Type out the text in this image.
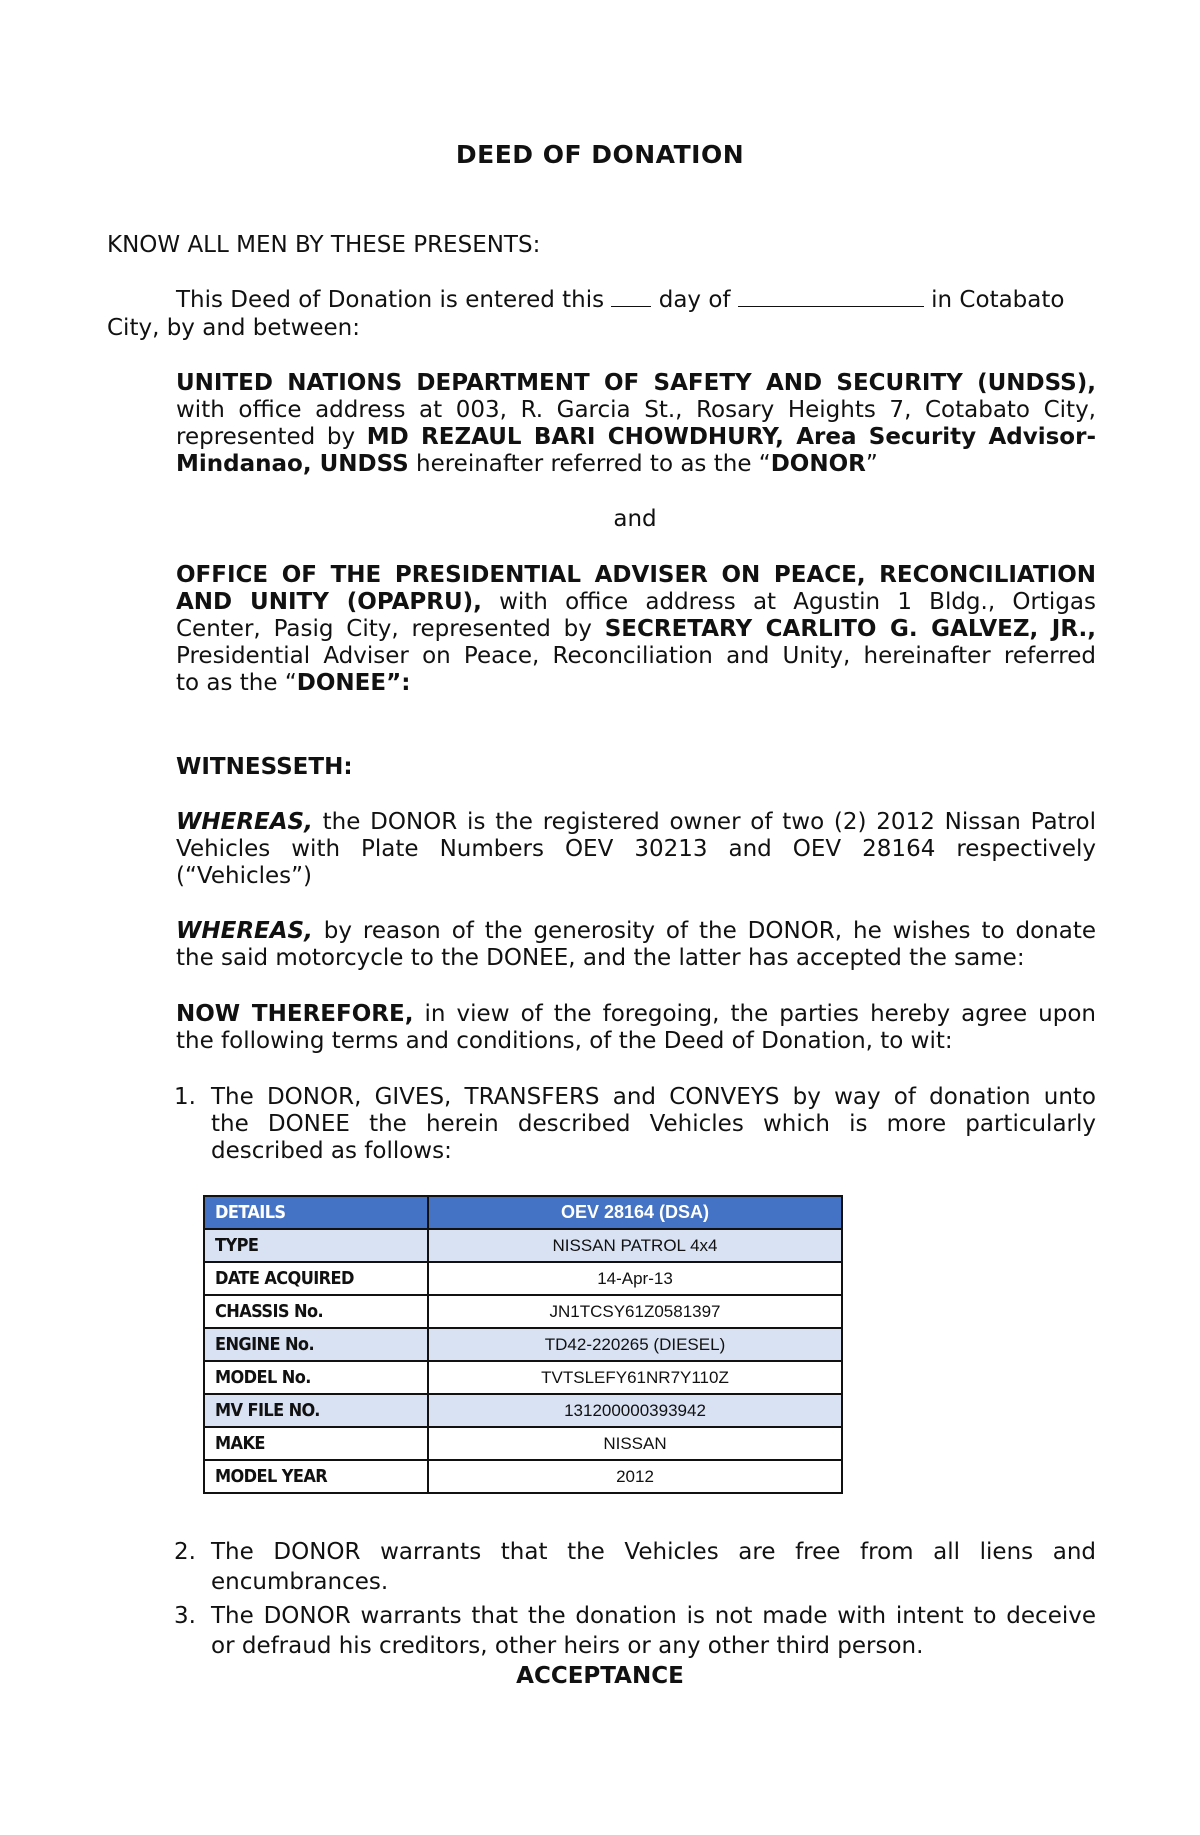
DEED OF DONATION
KNOW ALL MEN BY THESE PRESENTS:
This Deed of Donation is entered this day of	in Cotabato
City, by and between:
UNITED NATIONS DEPARTMENT OF SAFETY AND SECURITY (UNDSS),
with office address at 003, R. Garcia St., Rosary Heights 7, Cotabato City,
represented by MD REZAUL BARI CHOWDHURY, Area Security Advisor-
Mindanao, UNDSS hereinafter referred to as the “DONOR”
and
OFFICE OF THE PRESIDENTIAL ADVISER ON PEACE, RECONCILIATION
AND UNITY (OPAPRU), with office address at Agustin 1 Bldg., Ortigas
Center, Pasig City, represented by SECRETARY CARLITO G. GALVEZ, JR.,
Presidential Adviser on Peace, Reconciliation and Unity, hereinafter referred
to as the “DONEE”:
WITNESSETH:
WHEREAS, the DONOR is the registered owner of two (2) 2012 Nissan Patrol
Vehicles with Plate Numbers OEV 30213 and OEV 28164 respectively
(“Vehicles”)
WHEREAS, by reason of the generosity of the DONOR, he wishes to donate
the said motorcycle to the DONEE, and the latter has accepted the same:
NOW THEREFORE, in view of the foregoing, the parties hereby agree upon
the following terms and conditions, of the Deed of Donation, to wit:
1. The DONOR, GIVES, TRANSFERS and CONVEYS by way of donation unto
the DONEE the herein described Vehicles which is more particularly
described as follows:
DETAILS	OEV 28164 (DSA)
TYPE	NISSAN PATROL 4x4
DATE ACQUIRED	14-Apr-13
CHASSIS No.	JN1TCSY61Z0581397
ENGINE No.	TD42-220265 (DIESEL)
MODEL No.	TVTSLEFY61NR7Y110Z
MV FILE NO.	131200000393942
MAKE	NISSAN
MODEL YEAR	2012
2. The DONOR warrants that the Vehicles are free from all liens and
encumbrances.
3. The DONOR warrants that the donation is not made with intent to deceive
or defraud his creditors, other heirs or any other third person.
ACCEPTANCE
